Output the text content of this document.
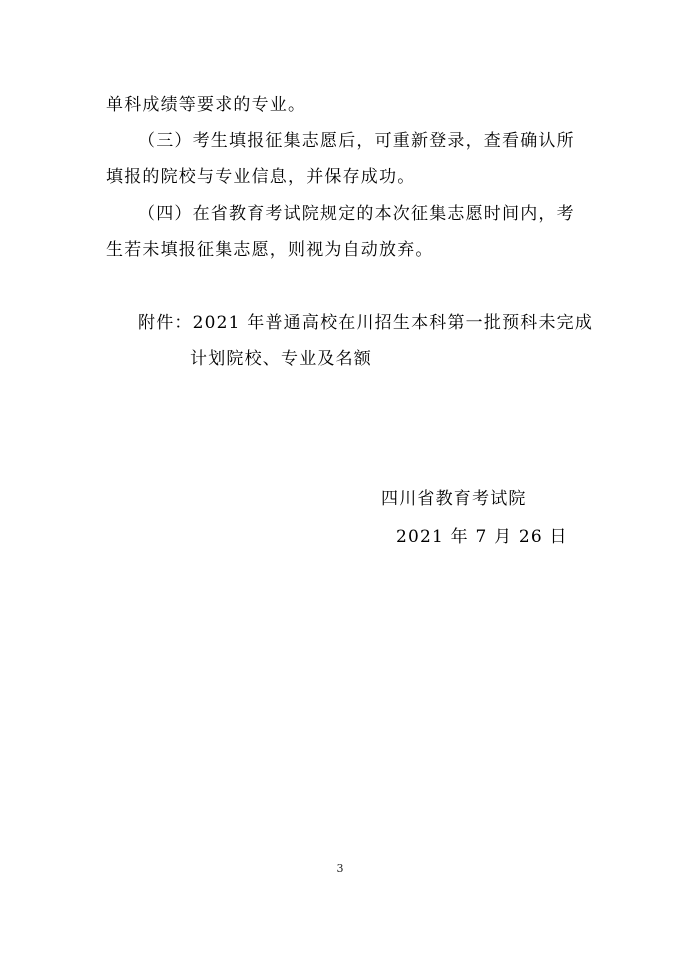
单科成绩等要求的专业。
（三）考生填报征集志愿后，可重新登录，查看确认所
填报的院校与专业信息，并保存成功。
（四）在省教育考试院规定的本次征集志愿时间内，考
生若未填报征集志愿，则视为自动放弃。
附件：2021 年普通高校在川招生本科第一批预科未完成
计划院校、专业及名额
四川省教育考试院
2021 年 7 月 26 日
3
